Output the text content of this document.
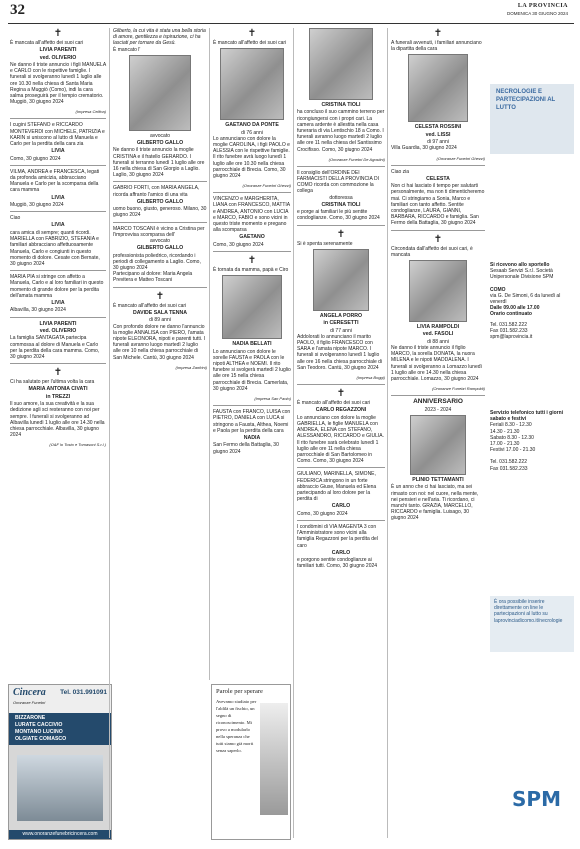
32	LA PROVINCIA
DOMENICA 30 GIUGNO 2024
✝

È mancata all'affetto dei suoi cari

LIVIA PARENTI

ved. OLIVERIO

Ne danno il triste annuncio i figli MANUELA e CARLO con le rispettive famiglie. I funerali si svolgeranno lunedì 1 luglio alle ore 10.30 nella chiesa di Santa Maria Regina a Muggiò (Como), indi la cara salma proseguirà per il tempio crematorio. Muggiò, 30 giugno 2024

(Impresa Cellina)

I cugini STEFANO e RICCARDO MONTEVERDI con MICHELE, PATRIZIA e KARIN si uniscono al lutto di Manuela e Carlo per la perdita della cara zia

LIVIA

Como, 30 giugno 2024

VILMA, ANDREA e FRANCESCA, legati da profonda amicizia, abbracciano Manuela e Carlo per la scomparsa della cara mamma

LIVIA

Muggiò, 30 giugno 2024

Ciao

LIVIA

cara amica di sempre; quanti ricordi. MARIELLA con FABRIZIO, STEFANIA e familiari abbracciano affettuosamente Manuela, Carlo e congiunti in questo momento di dolore. Cesate con Bernate, 30 giugno 2024

MARIA PIA si stringe con affetto a Manuela, Carlo e al loro familiari in questo momento di grande dolore per la perdita dell'amata mamma

LIVIA

Albavilla, 30 giugno 2024

LIVIA PARENTI

ved. OLIVERIO

La famiglia SANTAGATA partecipa commossa al dolore di Manuela e Carlo per la perdita della cara mamma. Como, 30 giugno 2024

✝

Ci ha salutato per l'ultima volta la cara

MARIA ANTONIA CIVATI

in TREZZI

Il suo amore, la sua creatività e la sua dedizione agli sci resteranno con noi per sempre. I funerali si svolgeranno ad Albavilla lunedì 1 luglio alle ore 14.30 nella chiesa parrocchiale. Albavilla, 30 giugno 2024

(O&F lo Tosto e Tomasoni S.r.l.)

Cincera	Tel. 031.991091
Onoranze Funebri
BIZZARONE
LURATE CACCIVIO
MONTANO LUCINO
OLGIATE COMASCO
www.onoranzefunebricincera.com

Gilberto, la cui vita è stata una bella storia di amore, gentilezza e ispirazione, ci ha lasciati per tornare da Gesù.

È mancato l'

avvocato

GILBERTO GALLO

Ne danno il triste annuncio la moglie CRISTINA e il fratello GERARDO. I funerali si terranno lunedì 1 luglio alle ore 16 nella chiesa di San Giorgio a Laglio. Laglio, 30 giugno 2024

GABRIO FORTI, con MARIA ANGELA, ricorda affranto l'amico di una vita

GILBERTO GALLO

uomo buono, giusto, generoso. Milano, 30 giugno 2024

MARCO TOSCANI è vicino a Cristina per l'improvvisa scomparsa dell'

avvocato

GILBERTO GALLO

professionista poliedrico, ricordando i periodi di collegamento a Laglio. Como, 30 giugno 2024

Partecipano al dolore: Maria Angela Previtera e Matteo Toscani

✝

È mancato all'affetto dei suoi cari

DAVIDE SALA TENNA

di 89 anni

Con profondo dolore ne danno l'annuncio la moglie ANNALISA con PIERO, l'amata nipote ELEONORA, nipoti e parenti tutti. I funerali avranno luogo martedì 2 luglio alle ore 10 nella chiesa parrocchiale di San Michele. Cantù, 30 giugno 2024

(Impresa Zanfrini)

✝

È mancato all'affetto dei suoi cari

GAETANO DA PONTE

di 76 anni

Lo annunciano con dolore la moglie CAROLINA, i figli PAOLO e ALESSIA con le rispettive famiglie. Il rito funebre avrà luogo lunedì 1 luglio alle ore 10.30 nella chiesa parrocchiale di Brecia. Como, 30 giugno 2024

(Onoranze Funebri Ghezzi)

VINCENZO e MARGHERITA, LIANA con FRANCESCO, MATTIA e ANDREA, ANTONIO con LUCIA e MARCO, FABIO e sono vicini in questo triste momento e pregano alla scomparsa

GAETANO

Como, 30 giugno 2024

✝

È tornata da mamma, papà e Ciro

NADIA BELLATI

Lo annunciano con dolore le sorelle FAUSTA e PAOLA con le nipoti ALTHEA e NOEMI. Il rito funebre si svolgerà martedì 2 luglio alle ore 15 nella chiesa parrocchiale di Brecia. Camerlata, 30 giugno 2024

(Impresa San Paolo)

FAUSTA con FRANCO, LUISA con PIETRO, DANIELA con LUCA si stringono a Fausta, Althea, Noemi e Paola per la perdita della cara

NADIA

San Fermo della Battaglia, 30 giugno 2024

Parole per sperare
Avevamo studiato per l'aldilà un fischio, un segno di riconoscimento. Mi provo a modularlo nella speranza che tutti siamo già morti senza saperlo.

CRISTINA TIOLI

ha concluso il suo cammino terreno per ricongiungersi con i propri cari. La camera ardente è allestita nella casa funeraria di via Lentischio 18 a Como. I funerali avranno luogo martedì 2 luglio alle ore 11 nella chiesa del Santissimo Crocifisso. Como, 30 giugno 2024

(Onoranze Funebri De Agostini)

Il consiglio dell'ORDINE DEI FARMACISTI DELLA PROVINCIA DI COMO ricorda con commozione la collega

dottoressa

CRISTINA TIOLI

e porge ai familiari le più sentite condoglianze. Como, 30 giugno 2024

✝

Si è spenta serenamente

ANGELA PORRO

in CERESETTI

di 77 anni

Addolorati lo annunciano il marito PAOLO, il figlio FRANCESCO con SARA e l'amata nipote MARCO. I funerali si svolgeranno lunedì 1 luglio alle ore 16 nella chiesa parrocchiale di San Teodoro. Cantù, 30 giugno 2024

(Impresa Boggi)

✝

È mancato all'affetto dei suoi cari

CARLO REGAZZONI

Lo annunciano con dolore la moglie GABRIELLA, le figlie MANUELA con ANDREA, ELENA con STEFANO, ALESSANDRO, RICCARDO e GIULIA. Il rito funebre sarà celebrato lunedì 1 luglio alle ore 11 nella chiesa parrocchiale di San Bartolomeo in Como. Como, 30 giugno 2024

GIULIANO, MARINELLA, SIMONE, FEDERICA stringono in un forte abbraccio Giuse, Manuela ed Elena partecipando al loro dolore per la perdita di

CARLO

Como, 30 giugno 2024

I condòmini di VIA MAGENTA 3 con l'Amministratore sono vicini alla famiglia Regazzoni per la perdita del caro

CARLO

e porgono sentite condoglianze ai familiari tutti. Como, 30 giugno 2024

✝

A funerali avvenuti, i familiari annunciano la dipartita della cara

CELESTA ROSSINI

ved. LISSI

di 97 anni

Villa Guardia, 30 giugno 2024

(Onoranze Funebri Ghezzi)

Ciao zia

CELESTA

Non ci hai lasciato il tempo per salutarti personalmente, ma non ti dimenticheremo mai. Ci stringiamo a Sonia, Marco e familiari con tanto affetto. Sentite condoglianze, LAURA, GIANNI, BARBARA, RICCARDO e famiglia. San Fermo della Battaglia, 30 giugno 2024

✝

Circondata dall'affetto dei suoi cari, è mancata

LIVIA RAMPOLDI

ved. FASOLI

di 88 anni

Ne danno il triste annuncio il figlio MARCO, la sorella DONATA, la nuora MILENA e le nipoti MADDALENA. I funerali si svolgeranno a Lomazzo lunedì 1 luglio alle ore 14.30 nella chiesa parrocchiale. Lomazzo, 30 giugno 2024

(Onoranze Funebri Rampoldi)

ANNIVERSARIO

2023 - 2024

PLINIO TETTAMANTI

È un anno che ci hai lasciato, ma sei rimasto con noi: nel cuore, nella mente, nei pensieri e nell'aria. Ti ricordano, ci manchi tanto. GRAZIA, MARCELLO, RICCARDO e famiglia. Luisago, 30 giugno 2024

NECROLOGIE E PARTECIPAZIONI AL LUTTO

Si ricevono allo sportello

Sesaab Servizi S.r.l. Società Unipersonale Divisione SPM

COMO

via G. De Simoni, 6 da lunedì al venerdì

Dalle 09.00 alle 17.00

Orario continuato

Tel. 031.582.222

Fax 031.582.233

spm@laprovincia.it

Servizio telefonico tutti i giorni sabato e festivi

Feriali 8.30 - 12.30

14.30 - 21.30

Sabato 8.30 - 12.30

17.00 - 21.30

Festivi 17.00 - 21.30

Tel. 031.582.222

Fax 031.582.233

È ora possibile inserire direttamente on line le partecipazioni al lutto su laprovinciadicomo.it/necrologie

SPM
